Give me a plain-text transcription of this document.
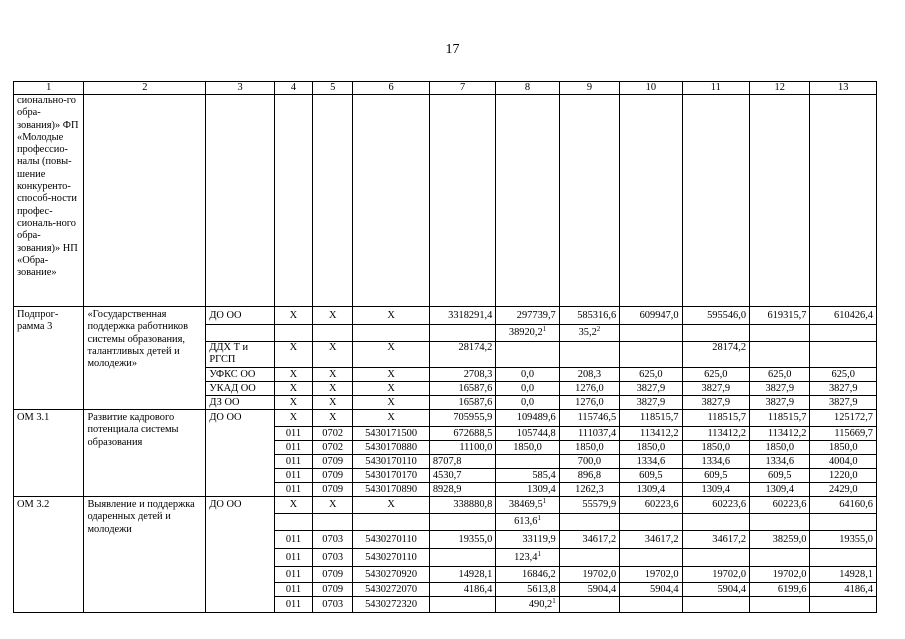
17
1	2	3	4	5	6	7	8	9	10	11	12	13
сионально-го обра-зования)» ФП «Молодые профессио-налы (повы-шение конкуренто-способ-ности профес-сиональ-ного обра-зования)» НП «Обра-зование»												
Подпрог-рамма 3	«Государственная поддержка работников системы образования, талантливых детей и молодежи»	ДО ОО	Х	Х	Х	3318291,4	297739,7	585316,6	609947,0	595546,0	619315,7	610426,4
							38920,2$^1$	35,2$^2$				
		ДДХ Т и РГСП	Х	Х	Х	28174,2				28174,2		
		УФКС ОО	Х	Х	Х	2708,3	0,0	208,3	625,0	625,0	625,0	625,0
		УКАД ОО	Х	Х	Х	16587,6	0,0	1276,0	3827,9	3827,9	3827,9	3827,9
		ДЗ ОО	Х	Х	Х	16587,6	0,0	1276,0	3827,9	3827,9	3827,9	3827,9
ОМ 3.1	Развитие кадрового потенциала системы образования	ДО ОО	Х	Х	Х	705955,9	109489,6	115746,5	118515,7	118515,7	118515,7	125172,7
			011	0702	5430171500	672688,5	105744,8	111037,4	113412,2	113412,2	113412,2	115669,7
			011	0702	5430170880	11100,0	1850,0	1850,0	1850,0	1850,0	1850,0	1850,0
			011	0709	5430170110	8707,8		700,0	1334,6	1334,6	1334,6	4004,0
			011	0709	5430170170	4530,7	585,4	896,8	609,5	609,5	609,5	1220,0
			011	0709	5430170890	8928,9	1309,4	1262,3	1309,4	1309,4	1309,4	2429,0
ОМ 3.2	Выявление и поддержка одаренных детей и молодежи	ДО ОО	Х	Х	Х	338880,8	38469,5$^1$	55579,9	60223,6	60223,6	60223,6	64160,6
							613,6$^1$					
			011	0703	5430270110	19355,0	33119,9	34617,2	34617,2	34617,2	38259,0	19355,0
			011	0703	5430270110		123,4$^1$					
			011	0709	5430270920	14928,1	16846,2	19702,0	19702,0	19702,0	19702,0	14928,1
			011	0709	5430272070	4186,4	5613,8	5904,4	5904,4	5904,4	6199,6	4186,4
			011	0703	5430272320		490,2$^1$					
